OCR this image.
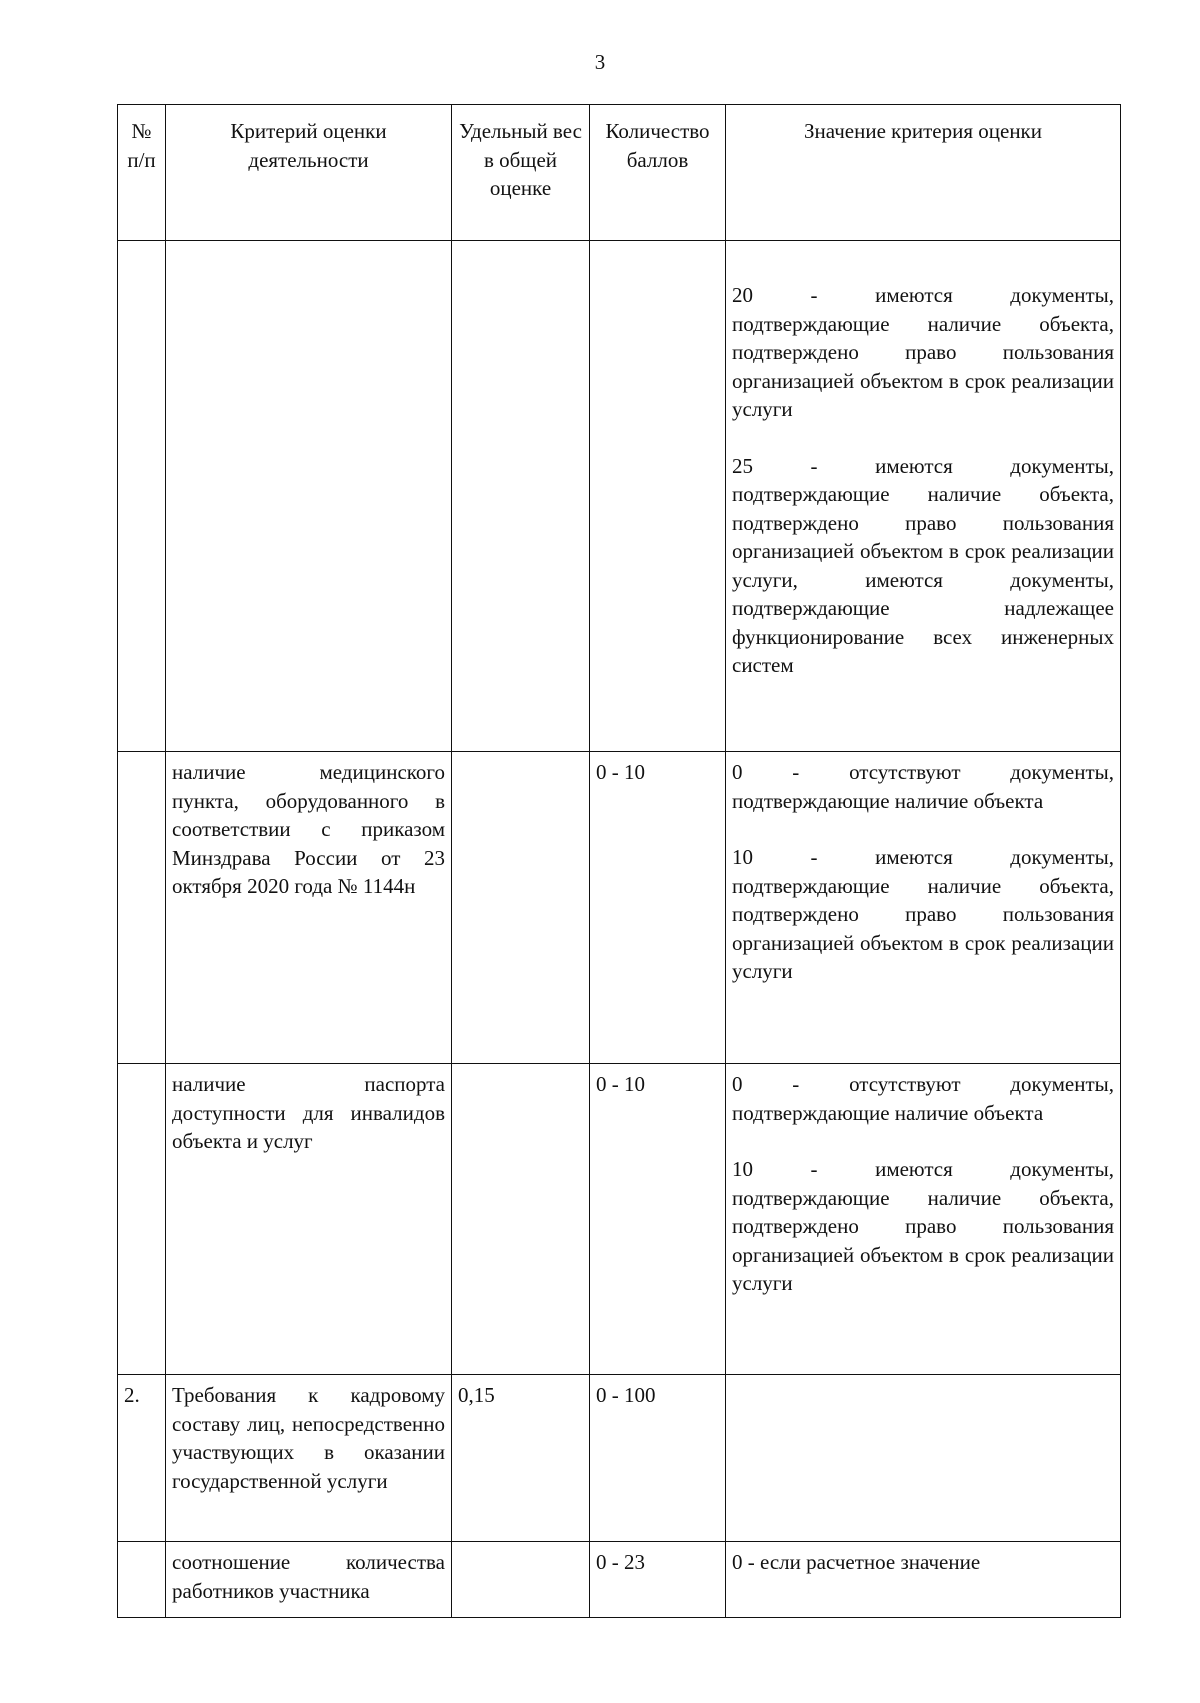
3
№ п/п	Критерий оценки деятельности	Удельный вес в общей оценке	Количество баллов	Значение критерия оценки

				20 - имеются документы, подтверждающие наличие объекта, подтверждено право пользования организацией объектом в срок реализации услуги
25 - имеются документы, подтверждающие наличие объекта, подтверждено право пользования организацией объектом в срок реализации услуги, имеются документы, подтверждающие надлежащее функционирование всех инженерных систем

	наличие медицинского пункта, оборудованного в соответствии с приказом Минздрава России от 23 октября 2020 года № 1144н		0 - 10	0 - отсутствуют документы, подтверждающие наличие объекта
10 - имеются документы, подтверждающие наличие объекта, подтверждено право пользования организацией объектом в срок реализации услуги

	наличие паспорта доступности для инвалидов объекта и услуг		0 - 10	0 - отсутствуют документы, подтверждающие наличие объекта
10 - имеются документы, подтверждающие наличие объекта, подтверждено право пользования организацией объектом в срок реализации услуги

2.	Требования к кадровому составу лиц, непосредственно участвующих в оказании государственной услуги	0,15	0 - 100	

	соотношение количества работников участника		0 - 23	0 - если расчетное значение
